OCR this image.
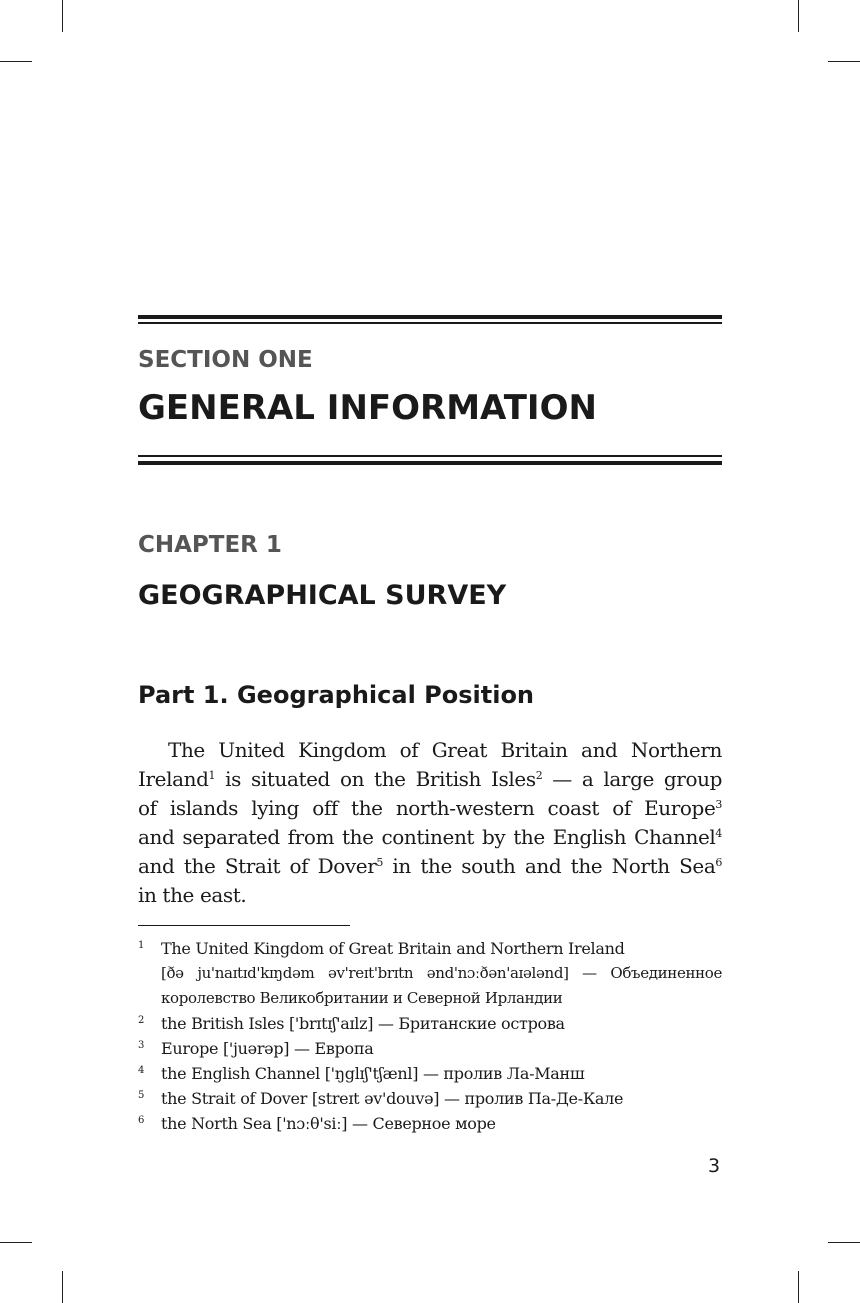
SECTION ONE
GENERAL INFORMATION
CHAPTER 1
GEOGRAPHICAL SURVEY
Part 1. Geographical Position
The United Kingdom of Great Britain and Northern
Ireland$^1$ is situated on the British Isles$^2$ — a large group
of islands lying off the north-western coast of Europe$^3$
and separated from the continent by the English Channel$^4$
and the Strait of Dover$^5$ in the south and the North Sea$^6$
in the east.
1 The United Kingdom of Great Britain and Northern Ireland
[ðə ju'naɪtɪd'kɪŋdəm əv'reɪt'brɪtn ənd'nɔːðən'aɪələnd] — Объединенное
королевство Великобритании и Северной Ирландии
2 the British Isles ['brɪtɪʃ'aɪlz] — Британские острова
3 Europe ['juərəp] — Европа
4 the English Channel ['ŋglɪʃ'tʃænl] — пролив Ла-Манш
5 the Strait of Dover [streɪt əv'douvə] — пролив Па-Де-Кале
6 the North Sea ['nɔːθ'siː] — Северное море
3
